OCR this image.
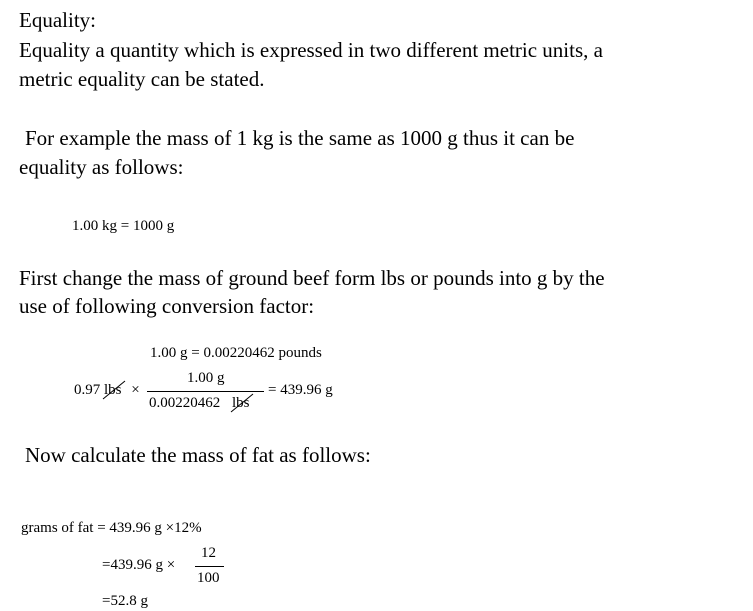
Equality:
Equality a quantity which is expressed in two different metric units, a
metric equality can be stated.
For example the mass of 1 kg is the same as 1000 g thus it can be
equality as follows:
1.00 kg = 1000 g
First change the mass of ground beef form lbs or pounds into g by the
use of following conversion factor:
1.00 g = 0.00220462 pounds
0.97 lbs ×
1.00 g
0.00220462 lbs
= 439.96 g
Now calculate the mass of fat as follows:
grams of fat = 439.96 g ×12%
=439.96 g ×
12
100
=52.8 g
